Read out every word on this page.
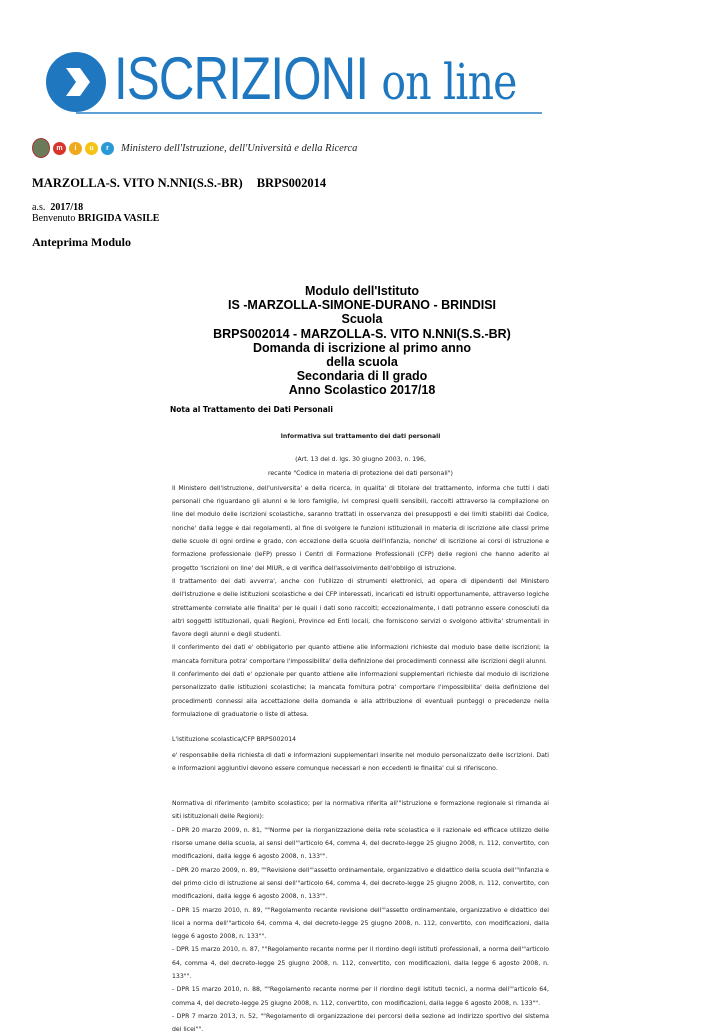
ISCRIZIONI on line
m	i	u	r	Ministero dell'Istruzione, dell'Università e della Ricerca
MARZOLLA-S. VITO N.NNI(S.S.-BR) BRPS002014
a.s. 2017/18
Benvenuto BRIGIDA VASILE
Anteprima Modulo
Modulo dell'Istituto
IS -MARZOLLA-SIMONE-DURANO - BRINDISI
Scuola
BRPS002014 - MARZOLLA-S. VITO N.NNI(S.S.-BR)
Domanda di iscrizione al primo anno
della scuola
Secondaria di II grado
Anno Scolastico 2017/18
Nota al Trattamento dei Dati Personali
Informativa sul trattamento dei dati personali
(Art. 13 del d. lgs. 30 giugno 2003, n. 196,
recante "Codice in materia di protezione dei dati personali")

Il Ministero dell'istruzione, dell'universita' e della ricerca, in qualita' di titolare del trattamento, informa che tutti i dati personali che riguardano gli alunni e le loro famiglie, ivi compresi quelli sensibili, raccolti attraverso la compilazione on line del modulo delle iscrizioni scolastiche, saranno trattati in osservanza dei presupposti e dei limiti stabiliti dal Codice, nonche' dalla legge e dai regolamenti, al fine di svolgere le funzioni istituzionali in materia di iscrizione alle classi prime delle scuole di ogni ordine e grado, con eccezione della scuola dell'infanzia, nonche' di iscrizione ai corsi di istruzione e formazione professionale (IeFP) presso i Centri di Formazione Professionali (CFP) delle regioni che hanno aderito al progetto 'Iscrizioni on line' del MIUR, e di verifica dell'assolvimento dell'obbligo di istruzione.

Il trattamento dei dati avverra', anche con l'utilizzo di strumenti elettronici, ad opera di dipendenti del Ministero dell'Istruzione e delle istituzioni scolastiche e dei CFP interessati, incaricati ed istruiti opportunamente, attraverso logiche strettamente correlate alle finalita' per le quali i dati sono raccolti; eccezionalmente, i dati potranno essere conosciuti da altri soggetti istituzionali, quali Regioni, Province ed Enti locali, che forniscono servizi o svolgono attivita' strumentali in favore degli alunni e degli studenti.

Il conferimento dei dati e' obbligatorio per quanto attiene alle informazioni richieste dal modulo base delle iscrizioni; la mancata fornitura potra' comportare l'impossibilita' della definizione dei procedimenti connessi alle iscrizioni degli alunni.

Il conferimento dei dati e' opzionale per quanto attiene alle informazioni supplementari richieste dal modulo di iscrizione personalizzato dalle istituzioni scolastiche; la mancata fornitura potra' comportare l'impossibilita' della definizione dei procedimenti connessi alla accettazione della domanda e alla attribuzione di eventuali punteggi o precedenze nella formulazione di graduatorie o liste di attesa.

L'istituzione scolastica/CFP BRPS002014

e' responsabile della richiesta di dati e informazioni supplementari inserite nel modulo personalizzato delle iscrizioni. Dati e informazioni aggiuntivi devono essere comunque necessari e non eccedenti le finalita' cui si riferiscono.

Normativa di riferimento (ambito scolastico; per la normativa riferita all'"istruzione e formazione regionale si rimanda ai siti istituzionali delle Regioni):

- DPR 20 marzo 2009, n. 81, ""Norme per la riorganizzazione della rete scolastica e il razionale ed efficace utilizzo delle risorse umane della scuola, ai sensi dell'"articolo 64, comma 4, del decreto-legge 25 giugno 2008, n. 112, convertito, con modificazioni, dalla legge 6 agosto 2008, n. 133"".

- DPR 20 marzo 2009, n. 89, ""Revisione dell'"assetto ordinamentale, organizzativo e didattico della scuola dell'"infanzia e del primo ciclo di istruzione ai sensi dell'"articolo 64, comma 4, del decreto-legge 25 giugno 2008, n. 112, convertito, con modificazioni, dalla legge 6 agosto 2008, n. 133"".

- DPR 15 marzo 2010, n. 89, ""Regolamento recante revisione dell'"assetto ordinamentale, organizzativo e didattico dei licei a norma dell'"articolo 64, comma 4, del decreto-legge 25 giugno 2008, n. 112, convertito, con modificazioni, dalla legge 6 agosto 2008, n. 133"".

- DPR 15 marzo 2010, n. 87, ""Regolamento recante norme per il riordino degli istituti professionali, a norma dell'"articolo 64, comma 4, del decreto-legge 25 giugno 2008, n. 112, convertito, con modificazioni, dalla legge 6 agosto 2008, n. 133"".

- DPR 15 marzo 2010, n. 88, ""Regolamento recante norme per il riordino degli istituti tecnici, a norma dell'"articolo 64, comma 4, del decreto-legge 25 giugno 2008, n. 112, convertito, con modificazioni, dalla legge 6 agosto 2008, n. 133"".

- DPR 7 marzo 2013, n. 52, ""Regolamento di organizzazione dei percorsi della sezione ad indirizzo sportivo del sistema dei licei"".
